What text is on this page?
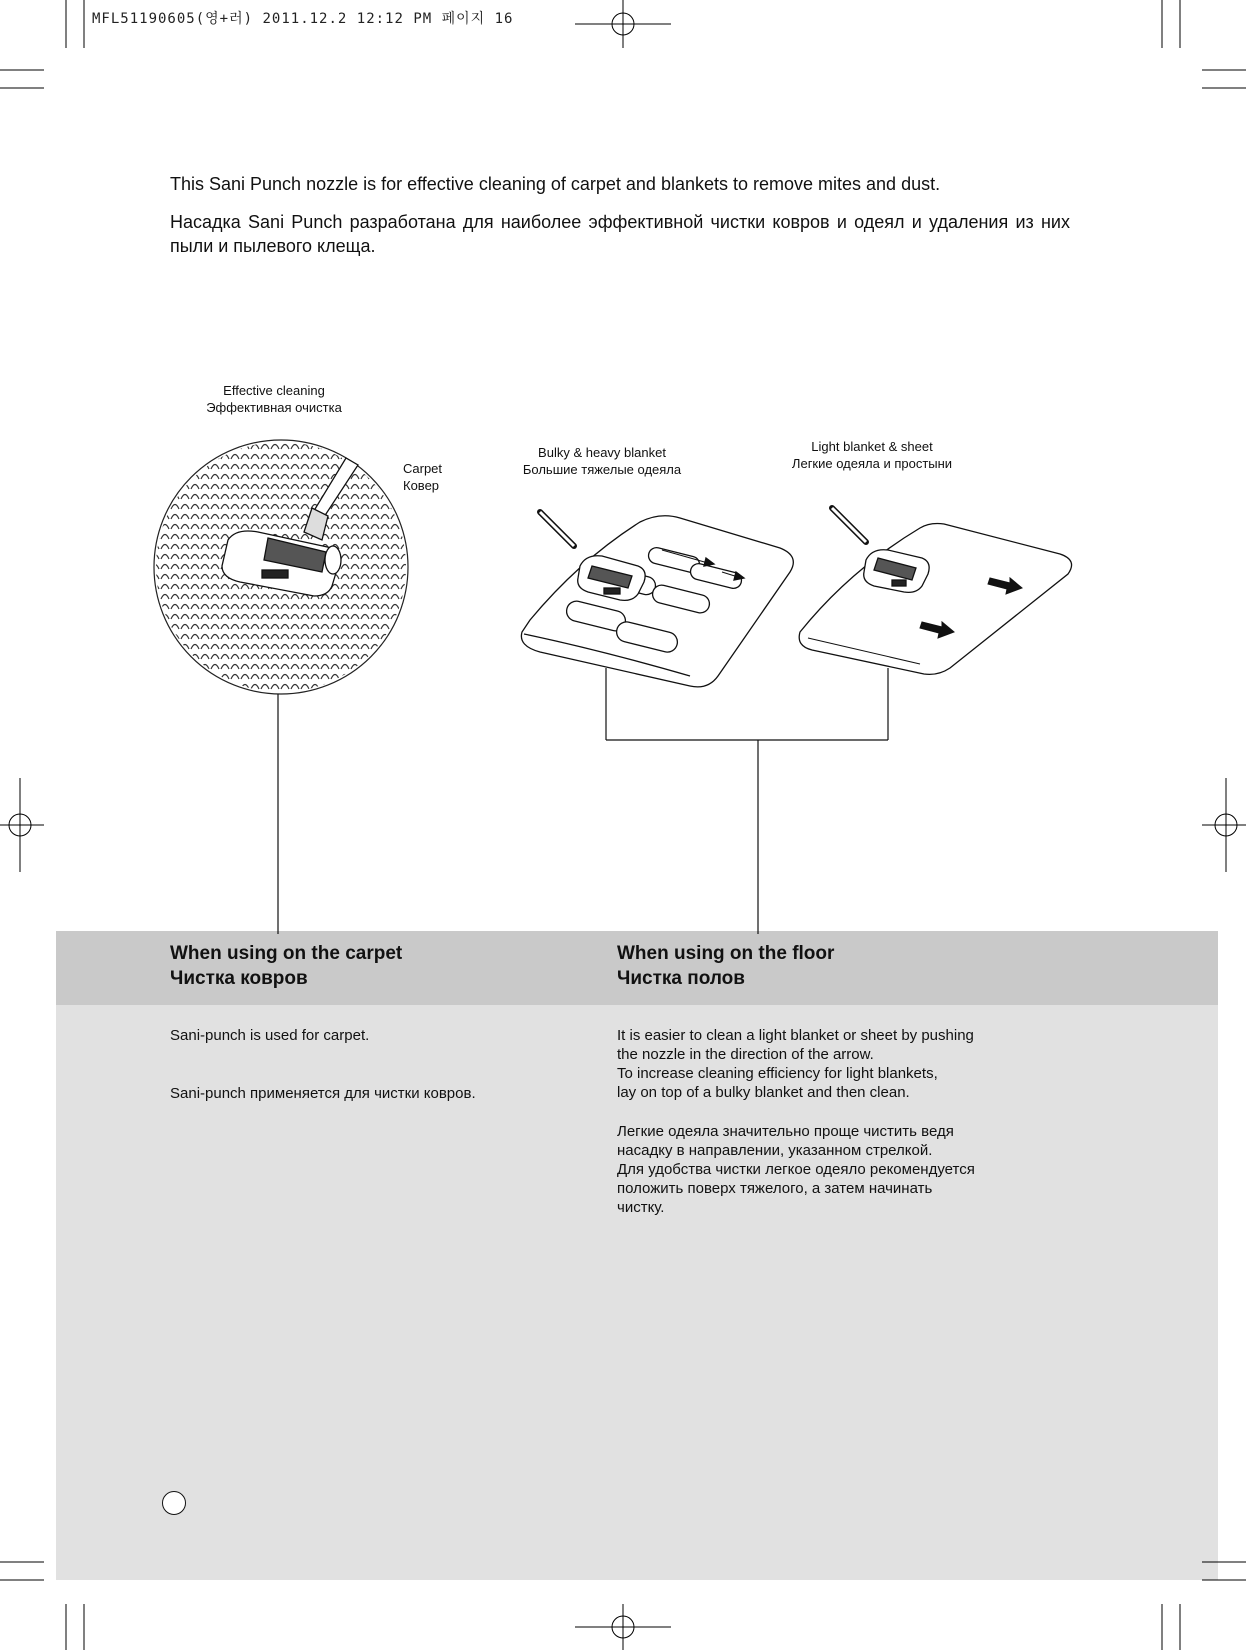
MFL51190605(영+러) 2011.12.2 12:12 PM 페이지 16
This Sani Punch nozzle is for effective cleaning of carpet and blankets to remove mites and dust.
Насадка Sani Punch разработана для наиболее эффективной чистки ковров и одеял и удаления из них пыли и пылевого клеща.
Effective cleaning
Эффективная очистка
Carpet
Ковер
Bulky & heavy blanket
Большие тяжелые одеяла
Light blanket & sheet
Легкие одеяла и простыни
When using on the carpet
Чистка ковров
Sani-punch is used for carpet.
Sani-punch применяется для чистки ковров.
When using on the floor
Чистка полов
It is easier to clean a light blanket or sheet by pushing
the nozzle in the direction of the arrow.
To increase cleaning efficiency for light blankets,
lay on top of a bulky blanket and then clean.
Легкие одеяла значительно проще чистить ведя
насадку в направлении, указанном стрелкой.
Для удобства чистки легкое одеяло рекомендуется
положить поверх тяжелого, а затем начинать
чистку.
